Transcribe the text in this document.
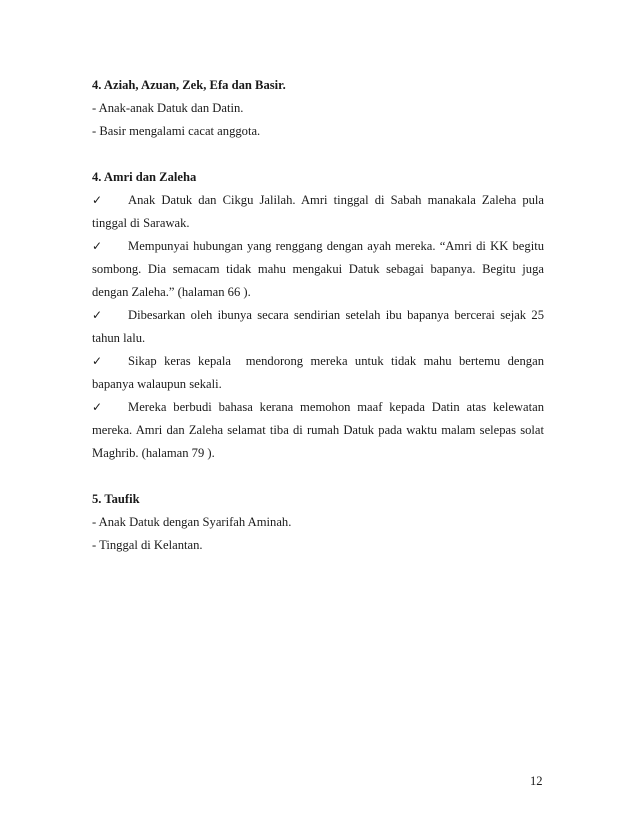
4. Aziah, Azuan, Zek, Efa dan Basir.

- Anak-anak Datuk dan Datin.

- Basir mengalami cacat anggota.

4. Amri dan Zaleha

✓ Anak Datuk dan Cikgu Jalilah. Amri tinggal di Sabah manakala Zaleha pula tinggal di Sarawak.

✓ Mempunyai hubungan yang renggang dengan ayah mereka. “Amri di KK begitu sombong. Dia semacam tidak mahu mengakui Datuk sebagai bapanya. Begitu juga dengan Zaleha.” (halaman 66 ).

✓ Dibesarkan oleh ibunya secara sendirian setelah ibu bapanya bercerai sejak 25 tahun lalu.

✓ Sikap keras kepala  mendorong mereka untuk tidak mahu bertemu dengan bapanya walaupun sekali.

✓ Mereka berbudi bahasa kerana memohon maaf kepada Datin atas kelewatan mereka. Amri dan Zaleha selamat tiba di rumah Datuk pada waktu malam selepas solat Maghrib. (halaman 79 ).

5. Taufik

- Anak Datuk dengan Syarifah Aminah.

- Tinggal di Kelantan.

12
